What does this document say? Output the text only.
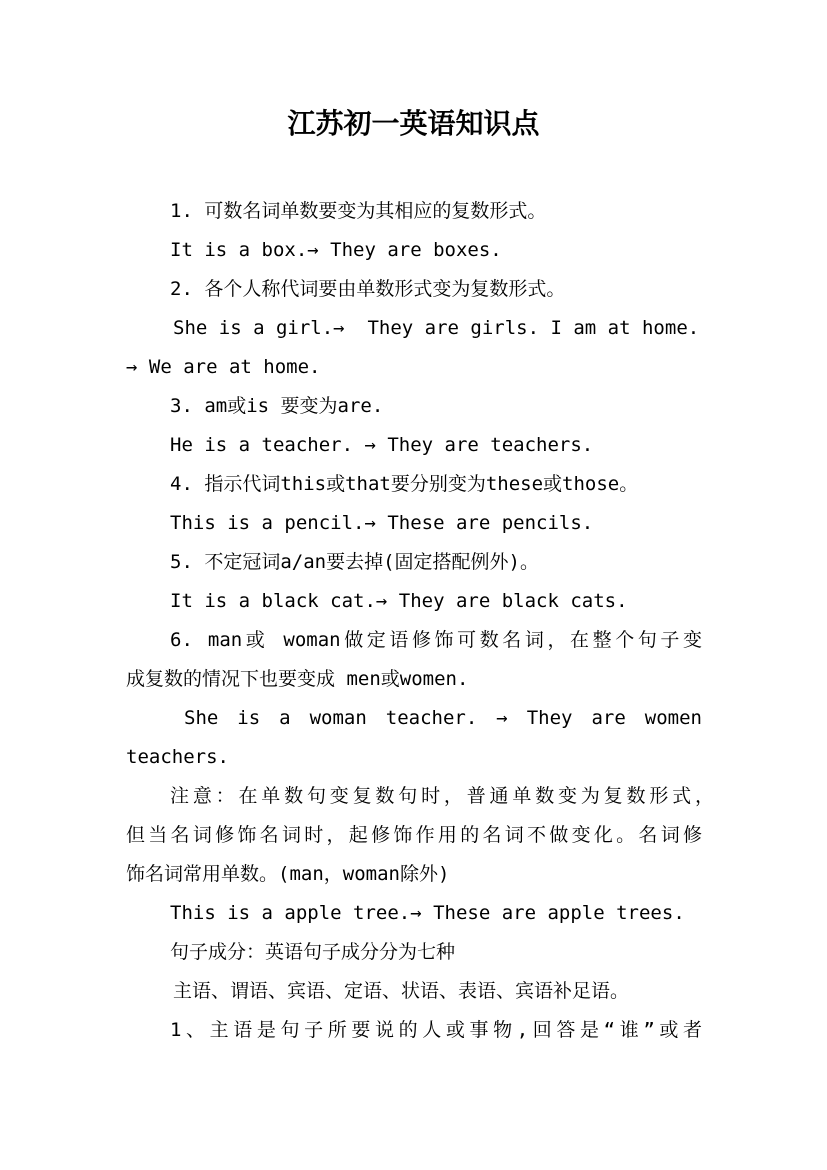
江苏初一英语知识点
1. 可数名词单数要变为其相应的复数形式。
It is a box.→ They are boxes.
2. 各个人称代词要由单数形式变为复数形式。
She is a girl.→  They are girls. I am at home.
→ We are at home.
3. am或is 要变为are.
He is a teacher. → They are teachers.
4. 指示代词this或that要分别变为these或those。
This is a pencil.→ These are pencils.
5. 不定冠词a/an要去掉(固定搭配例外)。
It is a black cat.→ They are black cats.
6. man或 woman做定语修饰可数名词，在整个句子变
成复数的情况下也要变成 men或women.
She is a woman teacher. → They are women
teachers.
注意：在单数句变复数句时，普通单数变为复数形式，
但当名词修饰名词时，起修饰作用的名词不做变化。名词修
饰名词常用单数。(man，woman除外)
This is a apple tree.→ These are apple trees.
句子成分：英语句子成分分为七种
主语、谓语、宾语、定语、状语、表语、宾语补足语。
1、主语是句子所要说的人或事物,回答是“谁”或者
